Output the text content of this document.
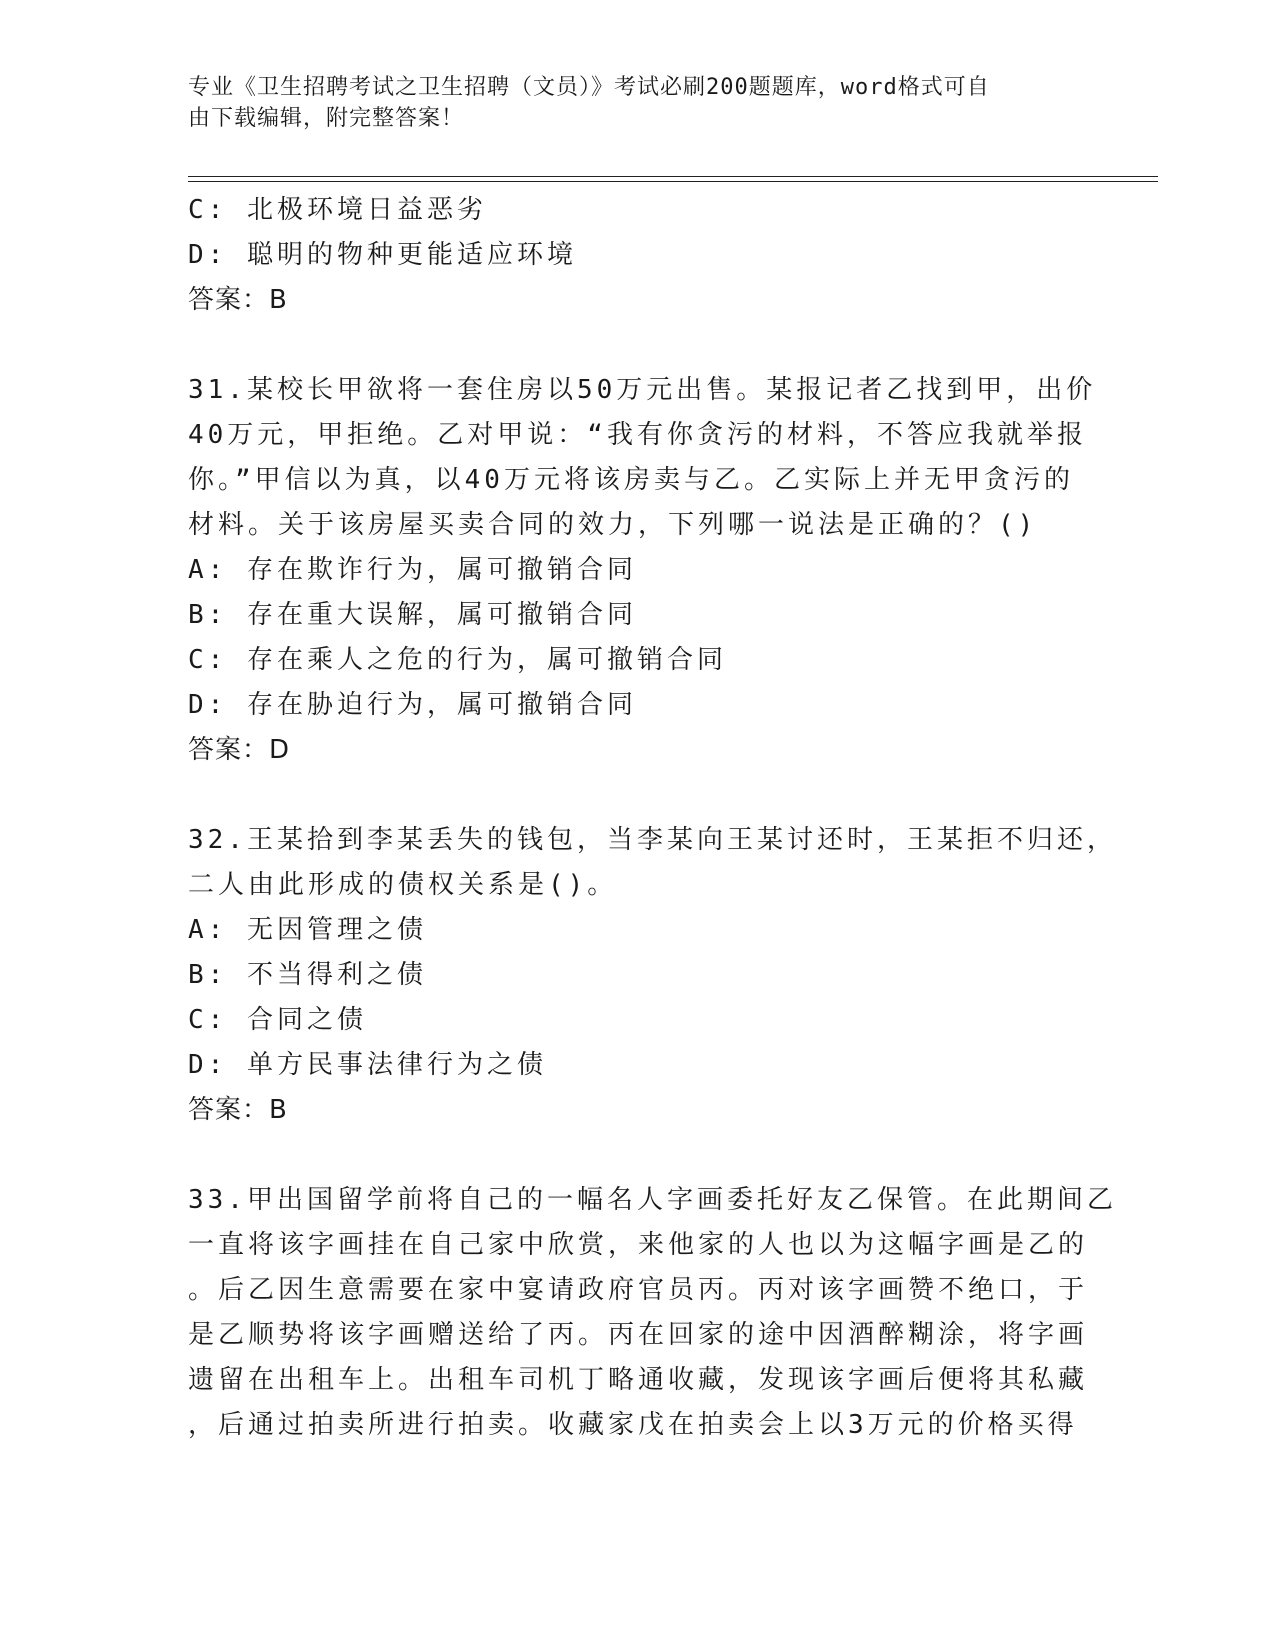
专业《卫生招聘考试之卫生招聘（文员）》考试必刷200题题库，word格式可自
由下载编辑，附完整答案！
C: 北极环境日益恶劣
D: 聪明的物种更能适应环境
答案：B
31.某校长甲欲将一套住房以50万元出售。某报记者乙找到甲，出价
40万元，甲拒绝。乙对甲说：“我有你贪污的材料，不答应我就举报
你。”甲信以为真，以40万元将该房卖与乙。乙实际上并无甲贪污的
材料。关于该房屋买卖合同的效力，下列哪一说法是正确的？()
A: 存在欺诈行为，属可撤销合同
B: 存在重大误解，属可撤销合同
C: 存在乘人之危的行为，属可撤销合同
D: 存在胁迫行为，属可撤销合同
答案：D
32.王某拾到李某丢失的钱包，当李某向王某讨还时，王某拒不归还，
二人由此形成的债权关系是()。
A: 无因管理之债
B: 不当得利之债
C: 合同之债
D: 单方民事法律行为之债
答案：B
33.甲出国留学前将自己的一幅名人字画委托好友乙保管。在此期间乙
一直将该字画挂在自己家中欣赏，来他家的人也以为这幅字画是乙的
。后乙因生意需要在家中宴请政府官员丙。丙对该字画赞不绝口，于
是乙顺势将该字画赠送给了丙。丙在回家的途中因酒醉糊涂，将字画
遗留在出租车上。出租车司机丁略通收藏，发现该字画后便将其私藏
，后通过拍卖所进行拍卖。收藏家戊在拍卖会上以3万元的价格买得
